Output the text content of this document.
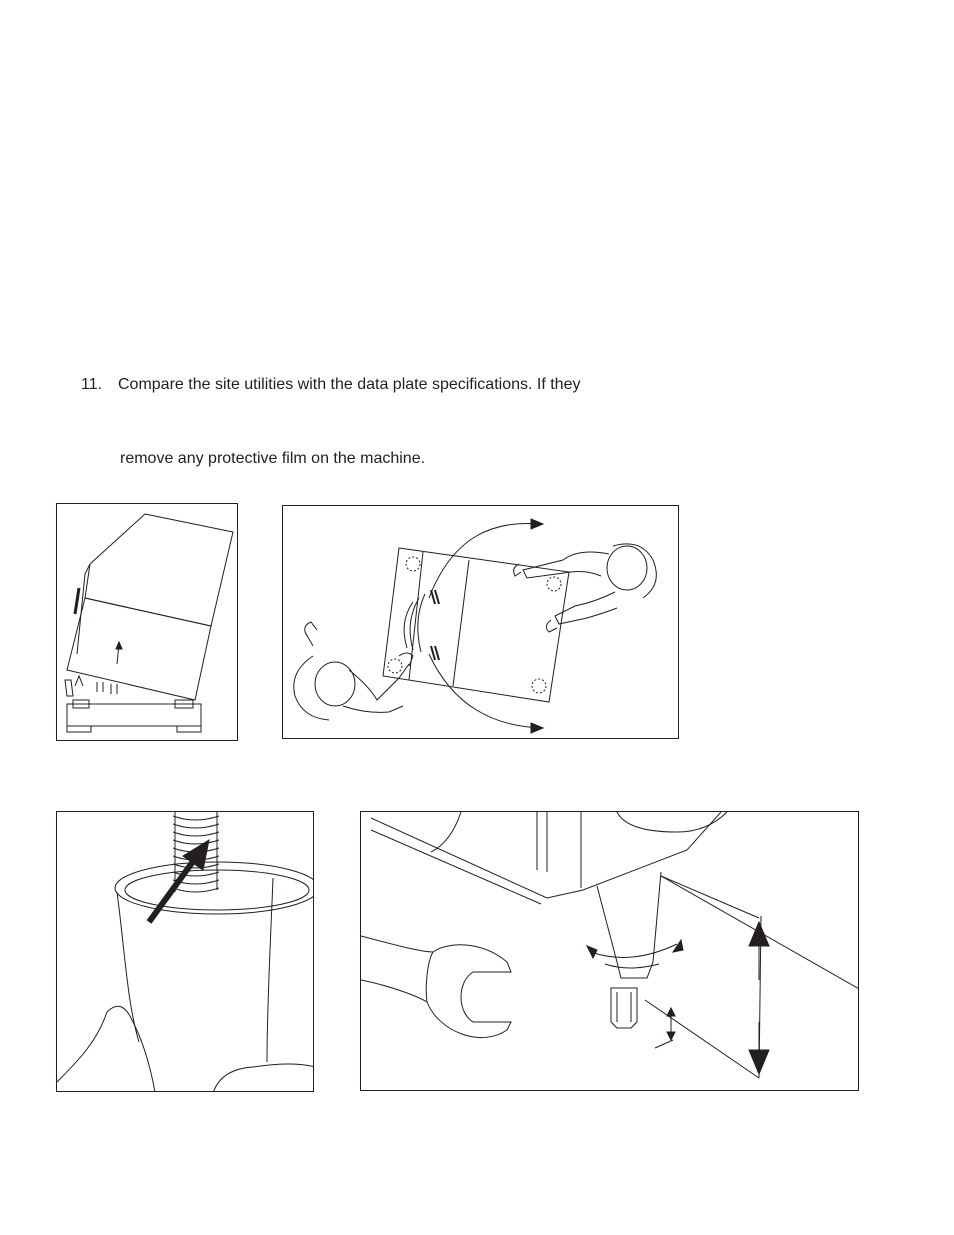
11. Compare the site utilities with the data plate specifications. If they
remove any protective film on the machine.
